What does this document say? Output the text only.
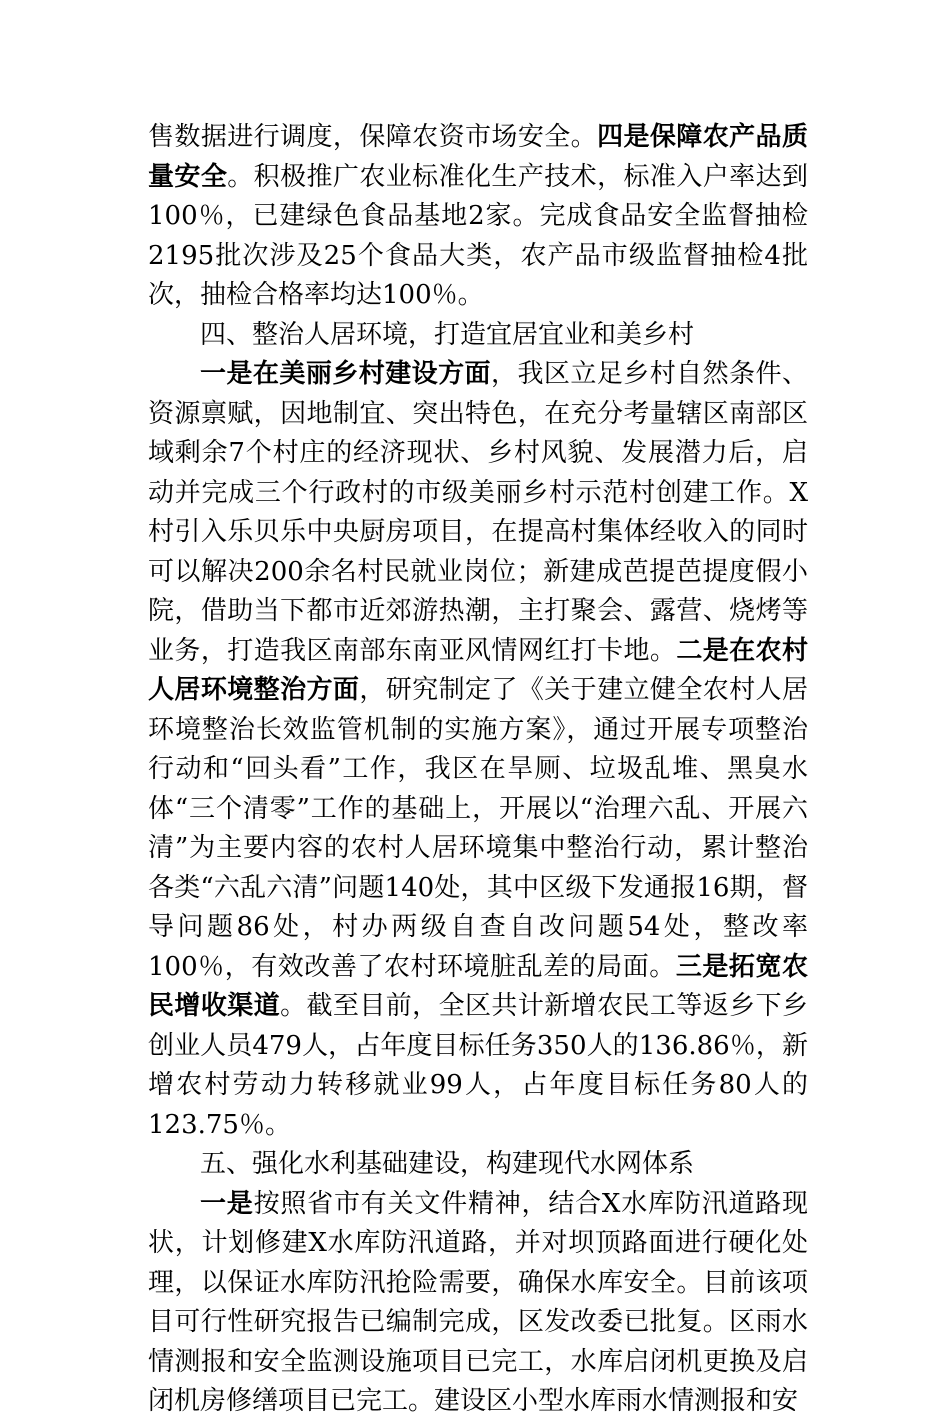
售数据进行调度，保障农资市场安全。四是保障农产品质量安全。积极推广农业标准化生产技术，标准入户率达到100％，已建绿色食品基地2家。完成食品安全监督抽检2195批次涉及25个食品大类，农产品市级监督抽检4批次，抽检合格率均达100％。

四、整治人居环境，打造宜居宜业和美乡村

一是在美丽乡村建设方面，我区立足乡村自然条件、资源禀赋，因地制宜、突出特色，在充分考量辖区南部区域剩余7个村庄的经济现状、乡村风貌、发展潜力后，启动并完成三个行政村的市级美丽乡村示范村创建工作。X村引入乐贝乐中央厨房项目，在提高村集体经收入的同时可以解决200余名村民就业岗位；新建成芭提芭提度假小院，借助当下都市近郊游热潮，主打聚会、露营、烧烤等业务，打造我区南部东南亚风情网红打卡地。二是在农村人居环境整治方面，研究制定了《关于建立健全农村人居环境整治长效监管机制的实施方案》，通过开展专项整治行动和“回头看”工作，我区在旱厕、垃圾乱堆、黑臭水体“三个清零”工作的基础上，开展以“治理六乱、开展六清”为主要内容的农村人居环境集中整治行动，累计整治各类“六乱六清”问题140处，其中区级下发通报16期，督导问题86处，村办两级自查自改问题54处，整改率100％，有效改善了农村环境脏乱差的局面。三是拓宽农民增收渠道。截至目前，全区共计新增农民工等返乡下乡创业人员479人，占年度目标任务350人的136.86％，新增农村劳动力转移就业99人，占年度目标任务80人的123.75％。

五、强化水利基础建设，构建现代水网体系

一是按照省市有关文件精神，结合X水库防汛道路现状，计划修建X水库防汛道路，并对坝顶路面进行硬化处理，以保证水库防汛抢险需要，确保水库安全。目前该项目可行性研究报告已编制完成，区发改委已批复。区雨水情测报和安全监测设施项目已完工，水库启闭机更换及启闭机房修缮项目已完工。建设区小型水库雨水情测报和安
